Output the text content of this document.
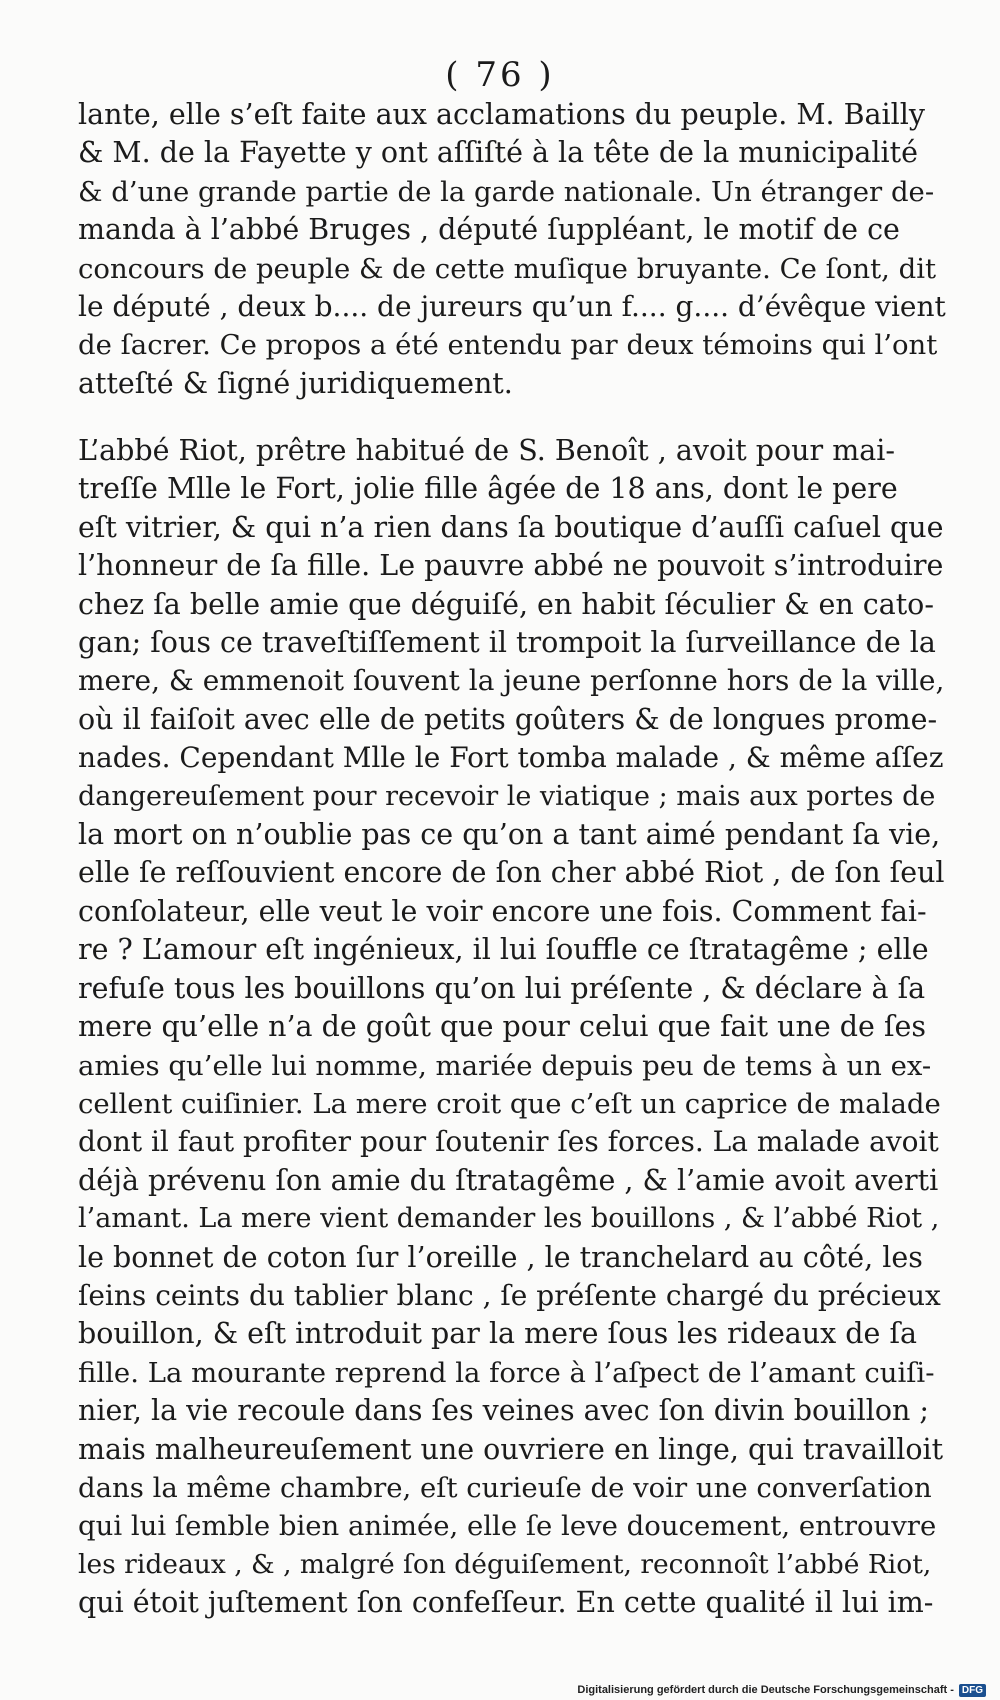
( 76 )
lante, elle s’eſt faite aux acclamations du peuple. M. Bailly
& M. de la Fayette y ont aſſiſté à la tête de la municipalité
& d’une grande partie de la garde nationale. Un étranger de-
manda à l’abbé Bruges , député ſuppléant, le motif de ce
concours de peuple & de cette muſique bruyante. Ce ſont, dit
le député , deux b.... de jureurs qu’un f.... g.... d’évêque vient
de ſacrer. Ce propos a été entendu par deux témoins qui l’ont
atteſté & ſigné juridiquement.
L’abbé Riot, prêtre habitué de S. Benoît , avoit pour mai-
treſſe Mlle le Fort, jolie fille âgée de 18 ans, dont le pere
eſt vitrier, & qui n’a rien dans ſa boutique d’auſſi caſuel que
l’honneur de ſa fille. Le pauvre abbé ne pouvoit s’introduire
chez ſa belle amie que déguiſé, en habit ſéculier & en cato-
gan; ſous ce traveſtiſſement il trompoit la ſurveillance de la
mere, & emmenoit ſouvent la jeune perſonne hors de la ville,
où il faiſoit avec elle de petits goûters & de longues prome-
nades. Cependant Mlle le Fort tomba malade , & même aſſez
dangereuſement pour recevoir le viatique ; mais aux portes de
la mort on n’oublie pas ce qu’on a tant aimé pendant ſa vie,
elle ſe reſſouvient encore de ſon cher abbé Riot , de ſon ſeul
conſolateur, elle veut le voir encore une fois. Comment fai-
re ? L’amour eſt ingénieux, il lui ſouffle ce ſtratagême ; elle
refuſe tous les bouillons qu’on lui préſente , & déclare à ſa
mere qu’elle n’a de goût que pour celui que fait une de ſes
amies qu’elle lui nomme, mariée depuis peu de tems à un ex-
cellent cuiſinier. La mere croit que c’eſt un caprice de malade
dont il faut profiter pour ſoutenir ſes forces. La malade avoit
déjà prévenu ſon amie du ſtratagême , & l’amie avoit averti
l’amant. La mere vient demander les bouillons , & l’abbé Riot ,
le bonnet de coton ſur l’oreille , le tranchelard au côté, les
ſeins ceints du tablier blanc , ſe préſente chargé du précieux
bouillon, & eſt introduit par la mere ſous les rideaux de ſa
fille. La mourante reprend la force à l’aſpect de l’amant cuiſi-
nier, la vie recoule dans ſes veines avec ſon divin bouillon ;
mais malheureuſement une ouvriere en linge, qui travailloit
dans la même chambre, eſt curieuſe de voir une converſation
qui lui ſemble bien animée, elle ſe leve doucement, entrouvre
les rideaux , & , malgré ſon déguiſement, reconnoît l’abbé Riot,
qui étoit juſtement ſon confeſſeur. En cette qualité il lui im-
Digitalisierung gefördert durch die Deutsche Forschungsgemeinschaft - DFG
